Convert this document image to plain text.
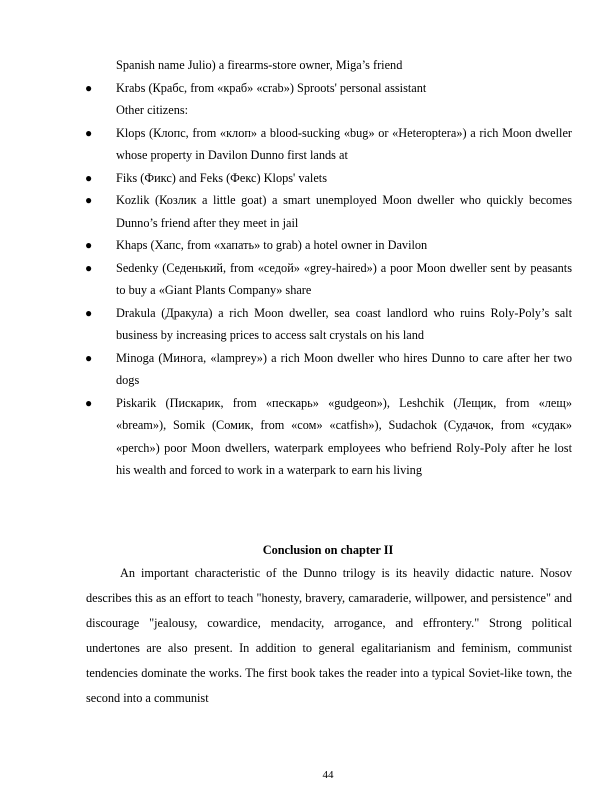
Spanish name Julio) a firearms-store owner, Miga’s friend
● Krabs (Крабс, from «краб» «crab») Sproots' personal assistant
Other citizens:
● Klops (Клопс, from «клоп» a blood-sucking «bug» or «Heteroptera») a rich Moon dweller whose property in Davilon Dunno first lands at
● Fiks (Фикс) and Feks (Фекс) Klops' valets
● Kozlik (Козлик a little goat) a smart unemployed Moon dweller who quickly becomes Dunno’s friend after they meet in jail
● Khaps (Хапс, from «хапать» to grab) a hotel owner in Davilon
● Sedenky (Седенький, from «седой» «grey-haired») a poor Moon dweller sent by peasants to buy a «Giant Plants Company» share
● Drakula (Дракула) a rich Moon dweller, sea coast landlord who ruins Roly-Poly’s salt business by increasing prices to access salt crystals on his land
● Minoga (Минога, «lamprey») a rich Moon dweller who hires Dunno to care after her two dogs
● Piskarik (Пискарик, from «пескарь» «gudgeon»), Leshchik (Лещик, from «лещ» «bream»), Somik (Сомик, from «сом» «catfish»), Sudachok (Судачок, from «судак» «perch») poor Moon dwellers, waterpark employees who befriend Roly-Poly after he lost his wealth and forced to work in a waterpark to earn his living
Conclusion on chapter II
An important characteristic of the Dunno trilogy is its heavily didactic nature. Nosov describes this as an effort to teach "honesty, bravery, camaraderie, willpower, and persistence" and discourage "jealousy, cowardice, mendacity, arrogance, and effrontery." Strong political undertones are also present. In addition to general egalitarianism and feminism, communist tendencies dominate the works. The first book takes the reader into a typical Soviet-like town, the second into a communist
44
